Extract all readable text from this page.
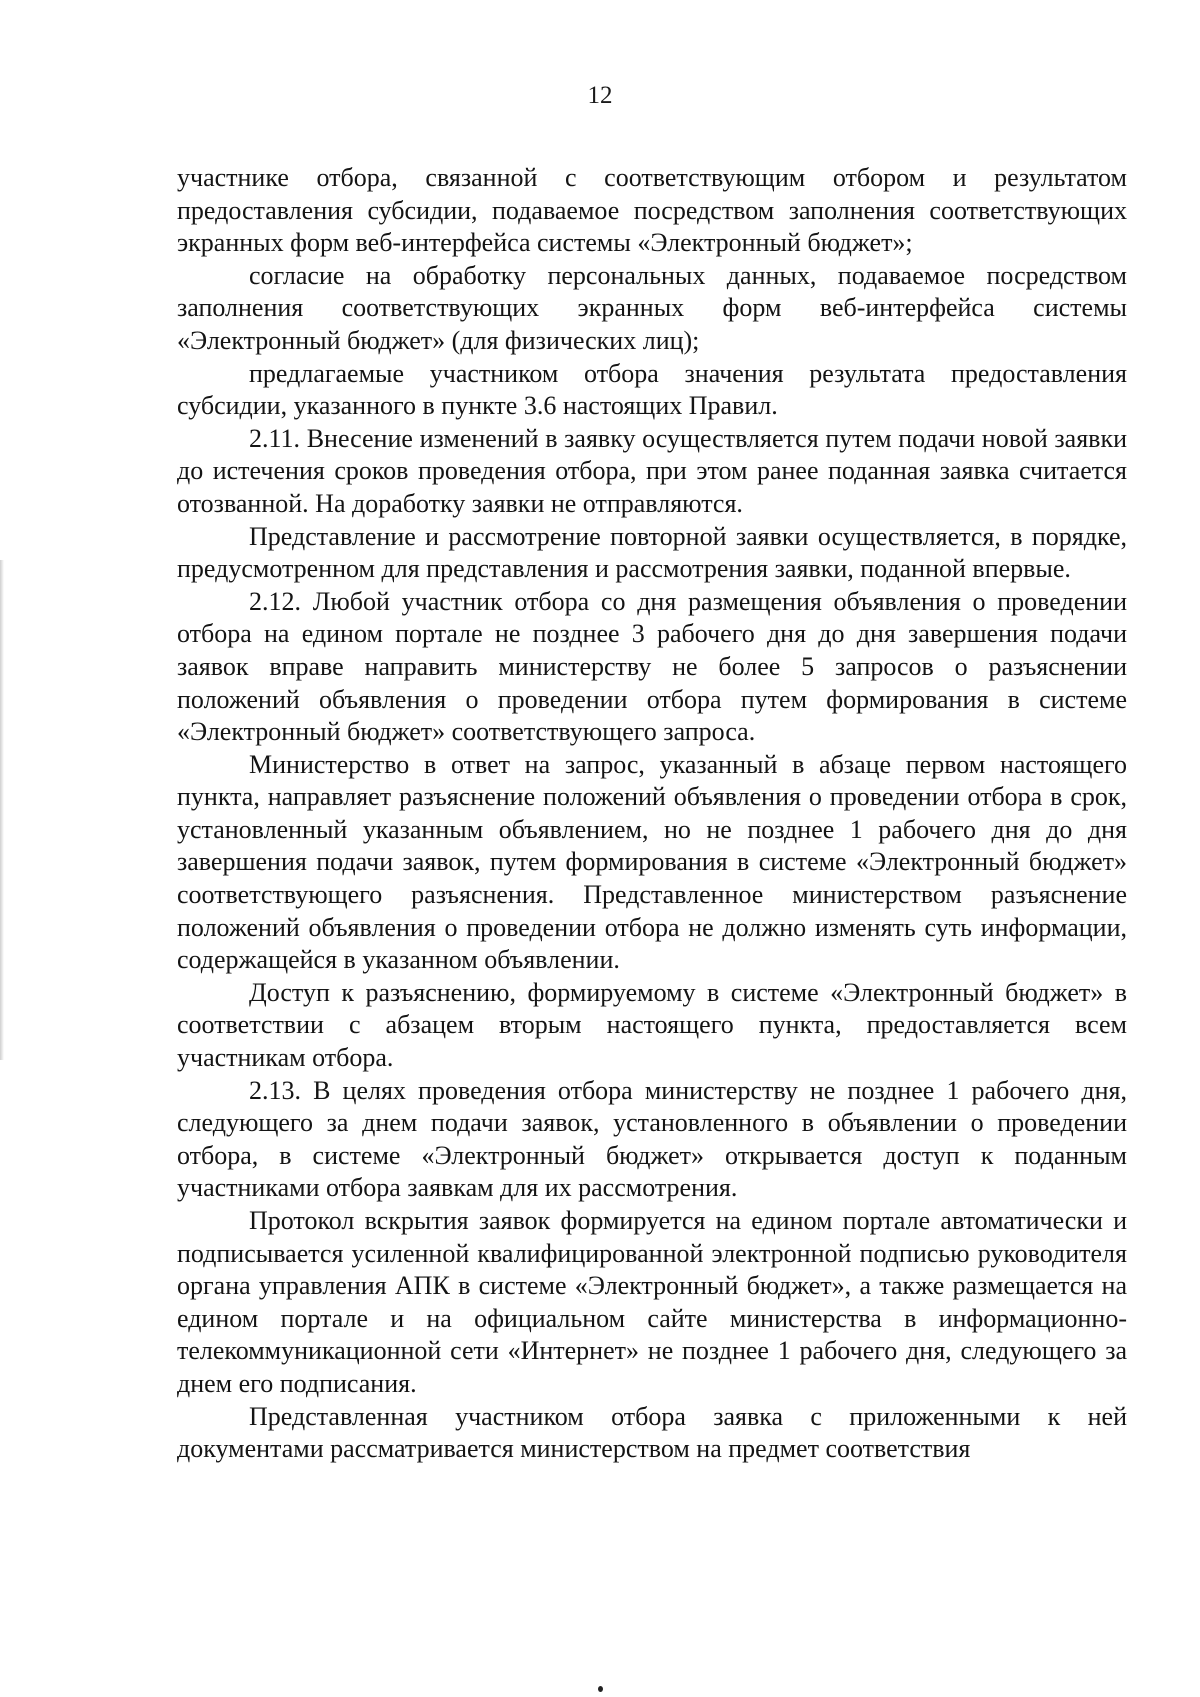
12

участнике отбора, связанной с соответствующим отбором и результатом предоставления субсидии, подаваемое посредством заполнения соответствующих экранных форм веб-интерфейса системы «Электронный бюджет»;

согласие на обработку персональных данных, подаваемое посредством заполнения соответствующих экранных форм веб-интерфейса системы «Электронный бюджет» (для физических лиц);

предлагаемые участником отбора значения результата предоставления субсидии, указанного в пункте 3.6 настоящих Правил.

2.11. Внесение изменений в заявку осуществляется путем подачи новой заявки до истечения сроков проведения отбора, при этом ранее поданная заявка считается отозванной. На доработку заявки не отправляются.

Представление и рассмотрение повторной заявки осуществляется, в порядке, предусмотренном для представления и рассмотрения заявки, поданной впервые.

2.12. Любой участник отбора со дня размещения объявления о проведении отбора на едином портале не позднее 3 рабочего дня до дня завершения подачи заявок вправе направить министерству не более 5 запросов о разъяснении положений объявления о проведении отбора путем формирования в системе «Электронный бюджет» соответствующего запроса.

Министерство в ответ на запрос, указанный в абзаце первом настоящего пункта, направляет разъяснение положений объявления о проведении отбора в срок, установленный указанным объявлением, но не позднее 1 рабочего дня до дня завершения подачи заявок, путем формирования в системе «Электронный бюджет» соответствующего разъяснения. Представленное министерством разъяснение положений объявления о проведении отбора не должно изменять суть информации, содержащейся в указанном объявлении.

Доступ к разъяснению, формируемому в системе «Электронный бюджет» в соответствии с абзацем вторым настоящего пункта, предоставляется всем участникам отбора.

2.13. В целях проведения отбора министерству не позднее 1 рабочего дня, следующего за днем подачи заявок, установленного в объявлении о проведении отбора, в системе «Электронный бюджет» открывается доступ к поданным участниками отбора заявкам для их рассмотрения.

Протокол вскрытия заявок формируется на едином портале автоматически и подписывается усиленной квалифицированной электронной подписью руководителя органа управления АПК в системе «Электронный бюджет», а также размещается на едином портале и на официальном сайте министерства в информационно-телекоммуникационной сети «Интернет» не позднее 1 рабочего дня, следующего за днем его подписания.

Представленная участником отбора заявка с приложенными к ней документами рассматривается министерством на предмет соответствия
